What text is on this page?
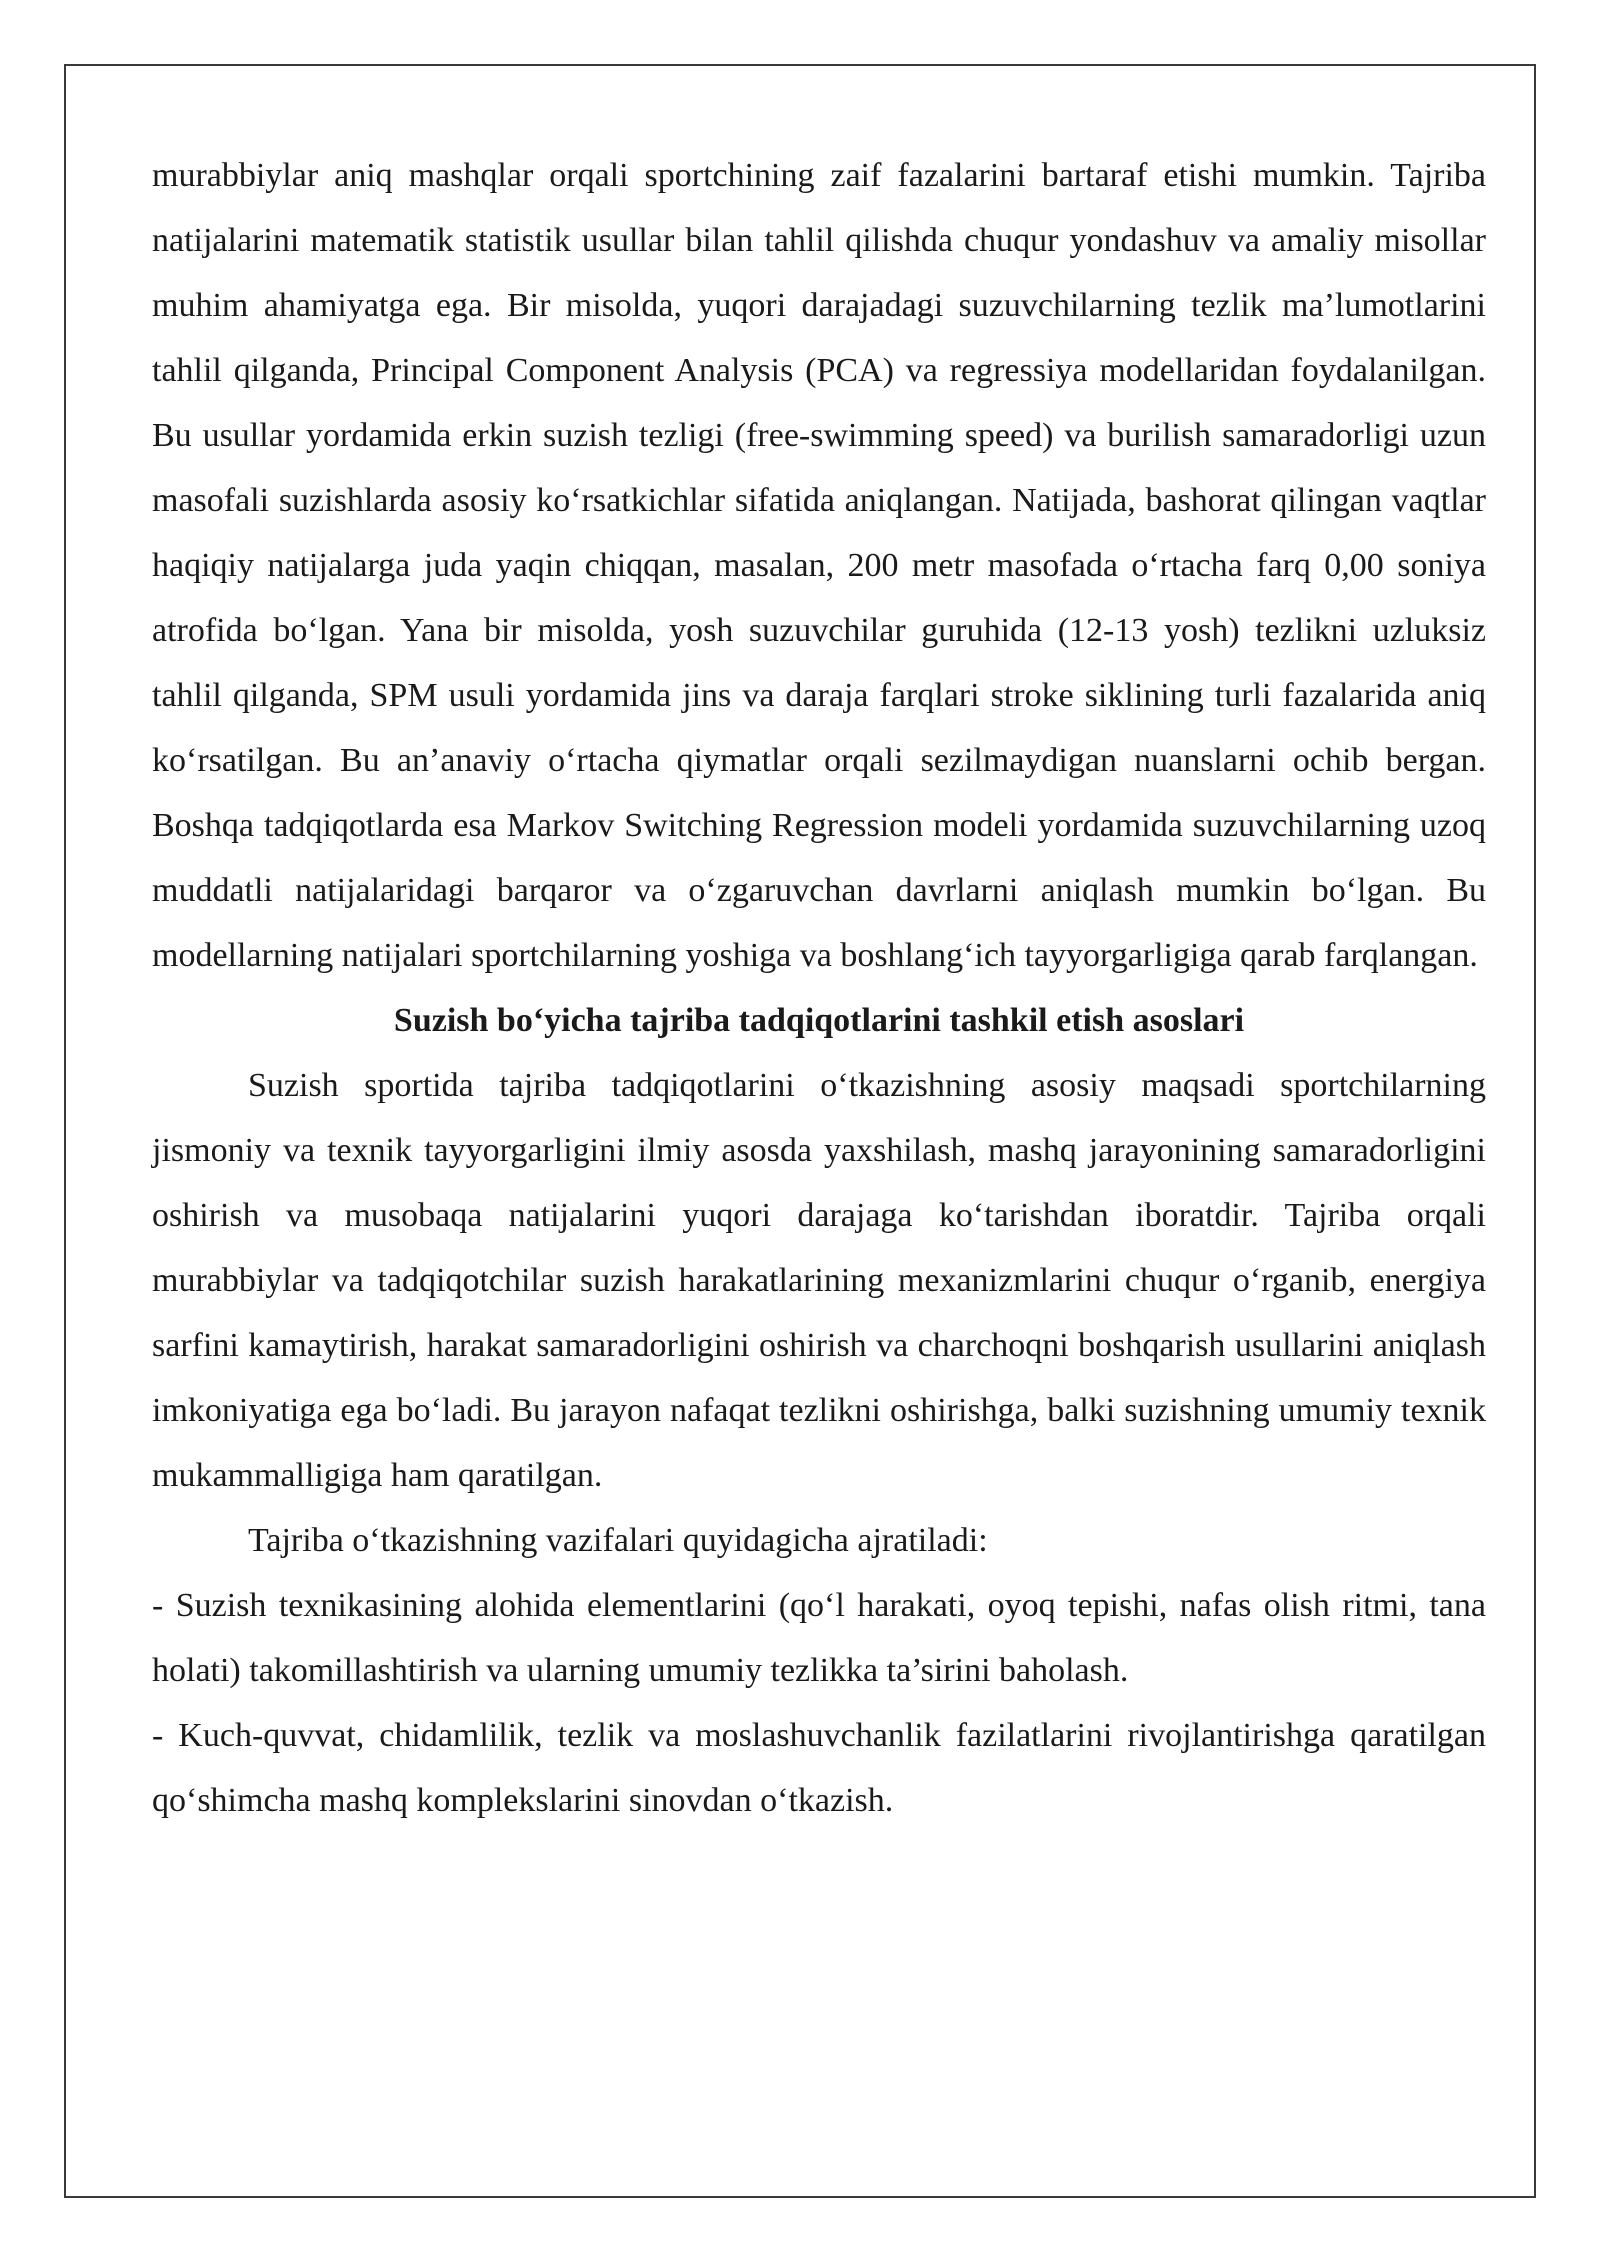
murabbiylar aniq mashqlar orqali sportchining zaif fazalarini bartaraf etishi mumkin. Tajriba natijalarini matematik statistik usullar bilan tahlil qilishda chuqur yondashuv va amaliy misollar muhim ahamiyatga ega. Bir misolda, yuqori darajadagi suzuvchilarning tezlik ma’lumotlarini tahlil qilganda, Principal Component Analysis (PCA) va regressiya modellaridan foydalanilgan. Bu usullar yordamida erkin suzish tezligi (free-swimming speed) va burilish samaradorligi uzun masofali suzishlarda asosiy koʻrsatkichlar sifatida aniqlangan. Natijada, bashorat qilingan vaqtlar haqiqiy natijalarga juda yaqin chiqqan, masalan, 200 metr masofada oʻrtacha farq 0,00 soniya atrofida boʻlgan. Yana bir misolda, yosh suzuvchilar guruhida (12-13 yosh) tezlikni uzluksiz tahlil qilganda, SPM usuli yordamida jins va daraja farqlari stroke siklining turli fazalarida aniq koʻrsatilgan. Bu an’anaviy oʻrtacha qiymatlar orqali sezilmaydigan nuanslarni ochib bergan. Boshqa tadqiqotlarda esa Markov Switching Regression modeli yordamida suzuvchilarning uzoq muddatli natijalaridagi barqaror va oʻzgaruvchan davrlarni aniqlash mumkin boʻlgan. Bu modellarning natijalari sportchilarning yoshiga va boshlangʻich tayyorgarligiga qarab farqlangan.

Suzish boʻyicha tajriba tadqiqotlarini tashkil etish asoslari

Suzish sportida tajriba tadqiqotlarini oʻtkazishning asosiy maqsadi sportchilarning jismoniy va texnik tayyorgarligini ilmiy asosda yaxshilash, mashq jarayonining samaradorligini oshirish va musobaqa natijalarini yuqori darajaga koʻtarishdan iboratdir. Tajriba orqali murabbiylar va tadqiqotchilar suzish harakatlarining mexanizmlarini chuqur oʻrganib, energiya sarfini kamaytirish, harakat samaradorligini oshirish va charchoqni boshqarish usullarini aniqlash imkoniyatiga ega boʻladi. Bu jarayon nafaqat tezlikni oshirishga, balki suzishning umumiy texnik mukammalligiga ham qaratilgan.

Tajriba oʻtkazishning vazifalari quyidagicha ajratiladi:

- Suzish texnikasining alohida elementlarini (qoʻl harakati, oyoq tepishi, nafas olish ritmi, tana holati) takomillashtirish va ularning umumiy tezlikka ta’sirini baholash.

- Kuch-quvvat, chidamlilik, tezlik va moslashuvchanlik fazilatlarini rivojlantirishga qaratilgan qoʻshimcha mashq komplekslarini sinovdan oʻtkazish.
